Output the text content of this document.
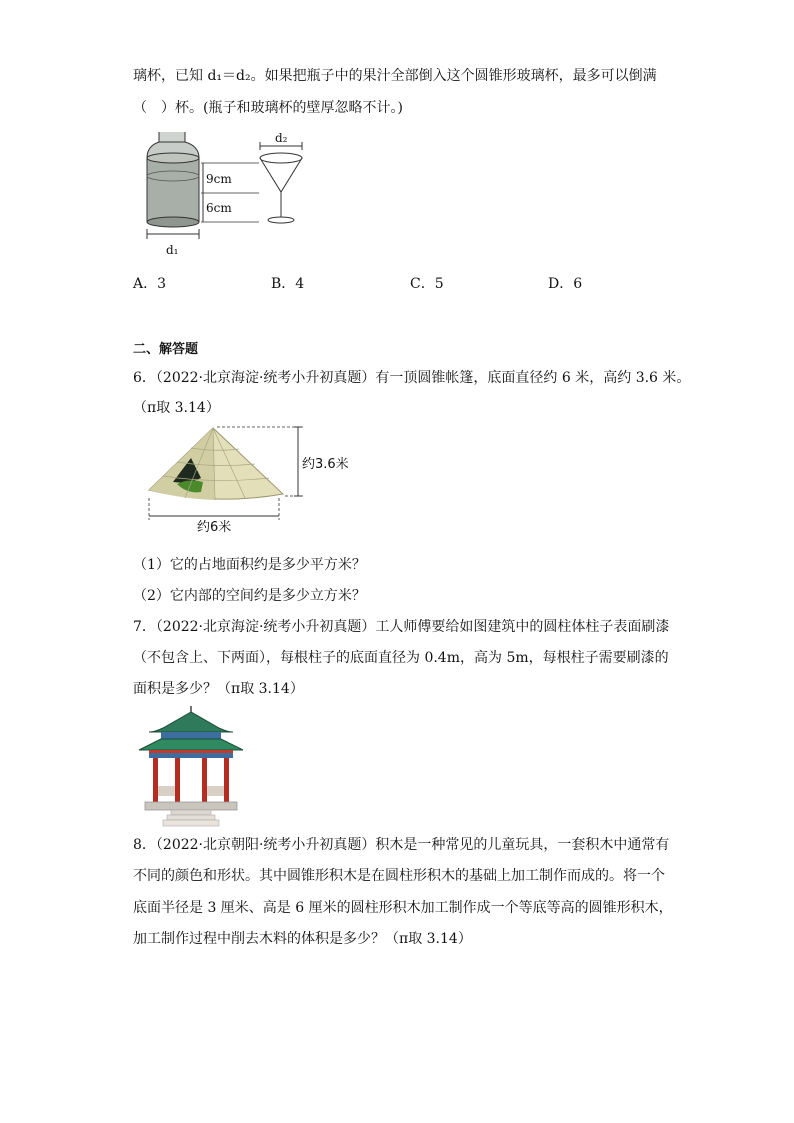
璃杯，已知 d₁＝d₂。如果把瓶子中的果汁全部倒入这个圆锥形玻璃杯，最多可以倒满
（　）杯。(瓶子和玻璃杯的壁厚忽略不计。)
d₁
9cm
6cm
d₂
A．3	B．4	C．5	D．6
二、解答题
6．（2022·北京海淀·统考小升初真题）有一顶圆锥帐篷，底面直径约 6 米，高约 3.6 米。
（π取 3.14）
约3.6米
约6米
（1）它的占地面积约是多少平方米？
（2）它内部的空间约是多少立方米？
7．（2022·北京海淀·统考小升初真题）工人师傅要给如图建筑中的圆柱体柱子表面刷漆
（不包含上、下两面），每根柱子的底面直径为 0.4m，高为 5m，每根柱子需要刷漆的
面积是多少？（π取 3.14）
8．（2022·北京朝阳·统考小升初真题）积木是一种常见的儿童玩具，一套积木中通常有
不同的颜色和形状。其中圆锥形积木是在圆柱形积木的基础上加工制作而成的。将一个
底面半径是 3 厘米、高是 6 厘米的圆柱形积木加工制作成一个等底等高的圆锥形积木，
加工制作过程中削去木料的体积是多少？（π取 3.14）
